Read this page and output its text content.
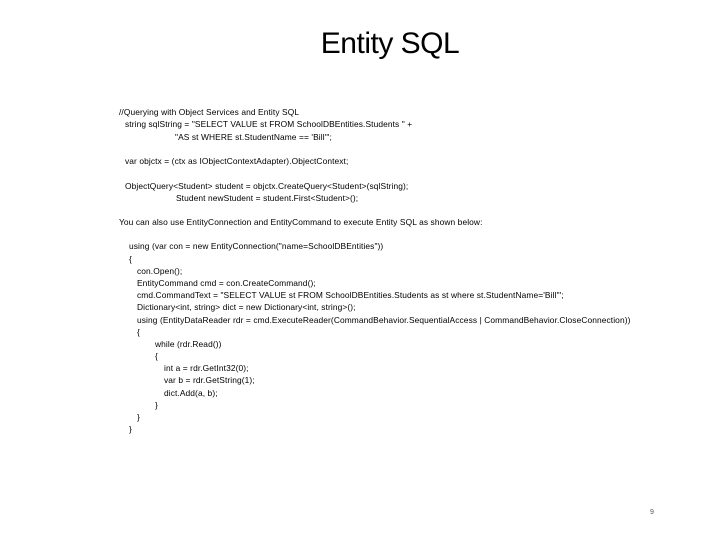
Entity SQL

//Querying with Object Services and Entity SQL

string sqlString = "SELECT VALUE st FROM SchoolDBEntities.Students " +

"AS st WHERE st.StudentName == 'Bill'";

var objctx = (ctx as IObjectContextAdapter).ObjectContext;

ObjectQuery<Student> student = objctx.CreateQuery<Student>(sqlString);

Student newStudent = student.First<Student>();

You can also use EntityConnection and EntityCommand to execute Entity SQL as shown below:

using (var con = new EntityConnection("name=SchoolDBEntities"))

{

con.Open();

EntityCommand cmd = con.CreateCommand();

cmd.CommandText = "SELECT VALUE st FROM SchoolDBEntities.Students as st where st.StudentName='Bill'";

Dictionary<int, string> dict = new Dictionary<int, string>();

using (EntityDataReader rdr = cmd.ExecuteReader(CommandBehavior.SequentialAccess | CommandBehavior.CloseConnection))

{

while (rdr.Read())

{

int a = rdr.GetInt32(0);

var b = rdr.GetString(1);

dict.Add(a, b);

}

}

}

9
